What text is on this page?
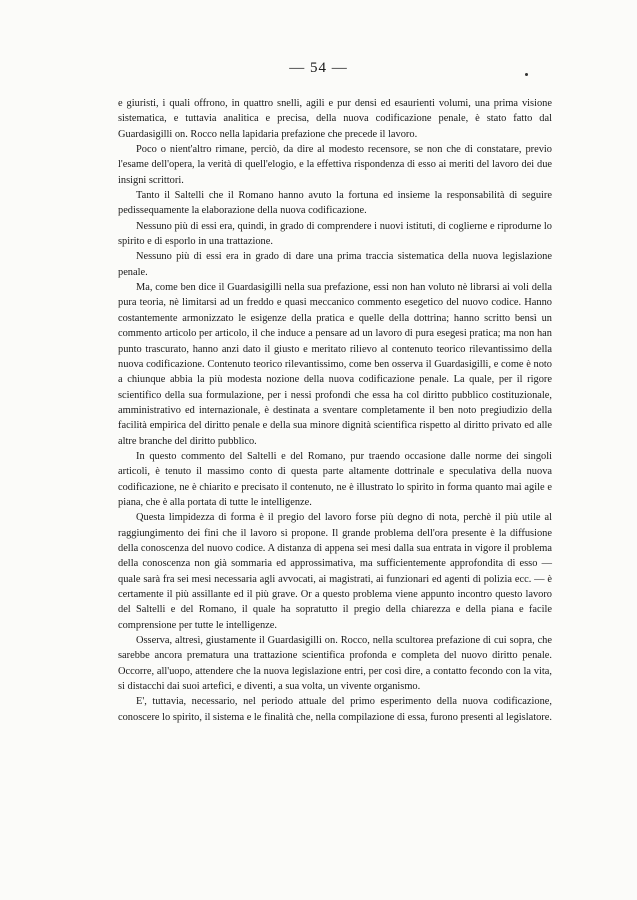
— 54 —

e giuristi, i quali offrono, in quattro snelli, agili e pur densi ed esaurienti volumi, una prima visione sistematica, e tuttavia analitica e precisa, della nuova codificazione penale, è stato fatto dal Guardasigilli on. Rocco nella lapidaria prefazione che precede il lavoro.

Poco o nient'altro rimane, perciò, da dire al modesto recensore, se non che di constatare, previo l'esame dell'opera, la verità di quell'elogio, e la effettiva rispondenza di esso ai meriti del lavoro dei due insigni scrittori.

Tanto il Saltelli che il Romano hanno avuto la fortuna ed insieme la responsabilità di seguire pedissequamente la elaborazione della nuova codificazione.

Nessuno più di essi era, quindi, in grado di comprendere i nuovi istituti, di coglierne e riprodurne lo spirito e di esporlo in una trattazione.

Nessuno più di essi era in grado di dare una prima traccia sistematica della nuova legislazione penale.

Ma, come ben dice il Guardasigilli nella sua prefazione, essi non han voluto nè librarsi ai voli della pura teoria, nè limitarsi ad un freddo e quasi meccanico commento esegetico del nuovo codice. Hanno costantemente armonizzato le esigenze della pratica e quelle della dottrina; hanno scritto bensì un commento articolo per articolo, il che induce a pensare ad un lavoro di pura esegesi pratica; ma non han punto trascurato, hanno anzi dato il giusto e meritato rilievo al contenuto teorico rilevantissimo della nuova codificazione. Contenuto teorico rilevantissimo, come ben osserva il Guardasigilli, e come è noto a chiunque abbia la più modesta nozione della nuova codificazione penale. La quale, per il rigore scientifico della sua formulazione, per i nessi profondi che essa ha col diritto pubblico costituzionale, amministrativo ed internazionale, è destinata a sventare completamente il ben noto pregiudizio della facilità empirica del diritto penale e della sua minore dignità scientifica rispetto al diritto privato ed alle altre branche del diritto pubblico.

In questo commento del Saltelli e del Romano, pur traendo occasione dalle norme dei singoli articoli, è tenuto il massimo conto di questa parte altamente dottrinale e speculativa della nuova codificazione, ne è chiarito e precisato il contenuto, ne è illustrato lo spirito in forma quanto mai agile e piana, che è alla portata di tutte le intelligenze.

Questa limpidezza di forma è il pregio del lavoro forse più degno di nota, perchè il più utile al raggiungimento dei fini che il lavoro si propone. Il grande problema dell'ora presente è la diffusione della conoscenza del nuovo codice. A distanza di appena sei mesi dalla sua entrata in vigore il problema della conoscenza non già sommaria ed approssimativa, ma sufficientemente approfondita di esso — quale sarà fra sei mesi necessaria agli avvocati, ai magistrati, ai funzionari ed agenti di polizia ecc. — è certamente il più assillante ed il più grave. Or a questo problema viene appunto incontro questo lavoro del Saltelli e del Romano, il quale ha sopratutto il pregio della chiarezza e della piana e facile comprensione per tutte le intelligenze.

Osserva, altresì, giustamente il Guardasigilli on. Rocco, nella scultorea prefazione di cui sopra, che sarebbe ancora prematura una trattazione scientifica profonda e completa del nuovo diritto penale. Occorre, all'uopo, attendere che la nuova legislazione entri, per così dire, a contatto fecondo con la vita, si distacchi dai suoi artefici, e diventi, a sua volta, un vivente organismo.

E', tuttavia, necessario, nel periodo attuale del primo esperimento della nuova codificazione, conoscere lo spirito, il sistema e le finalità che, nella compilazione di essa, furono presenti al legislatore.
